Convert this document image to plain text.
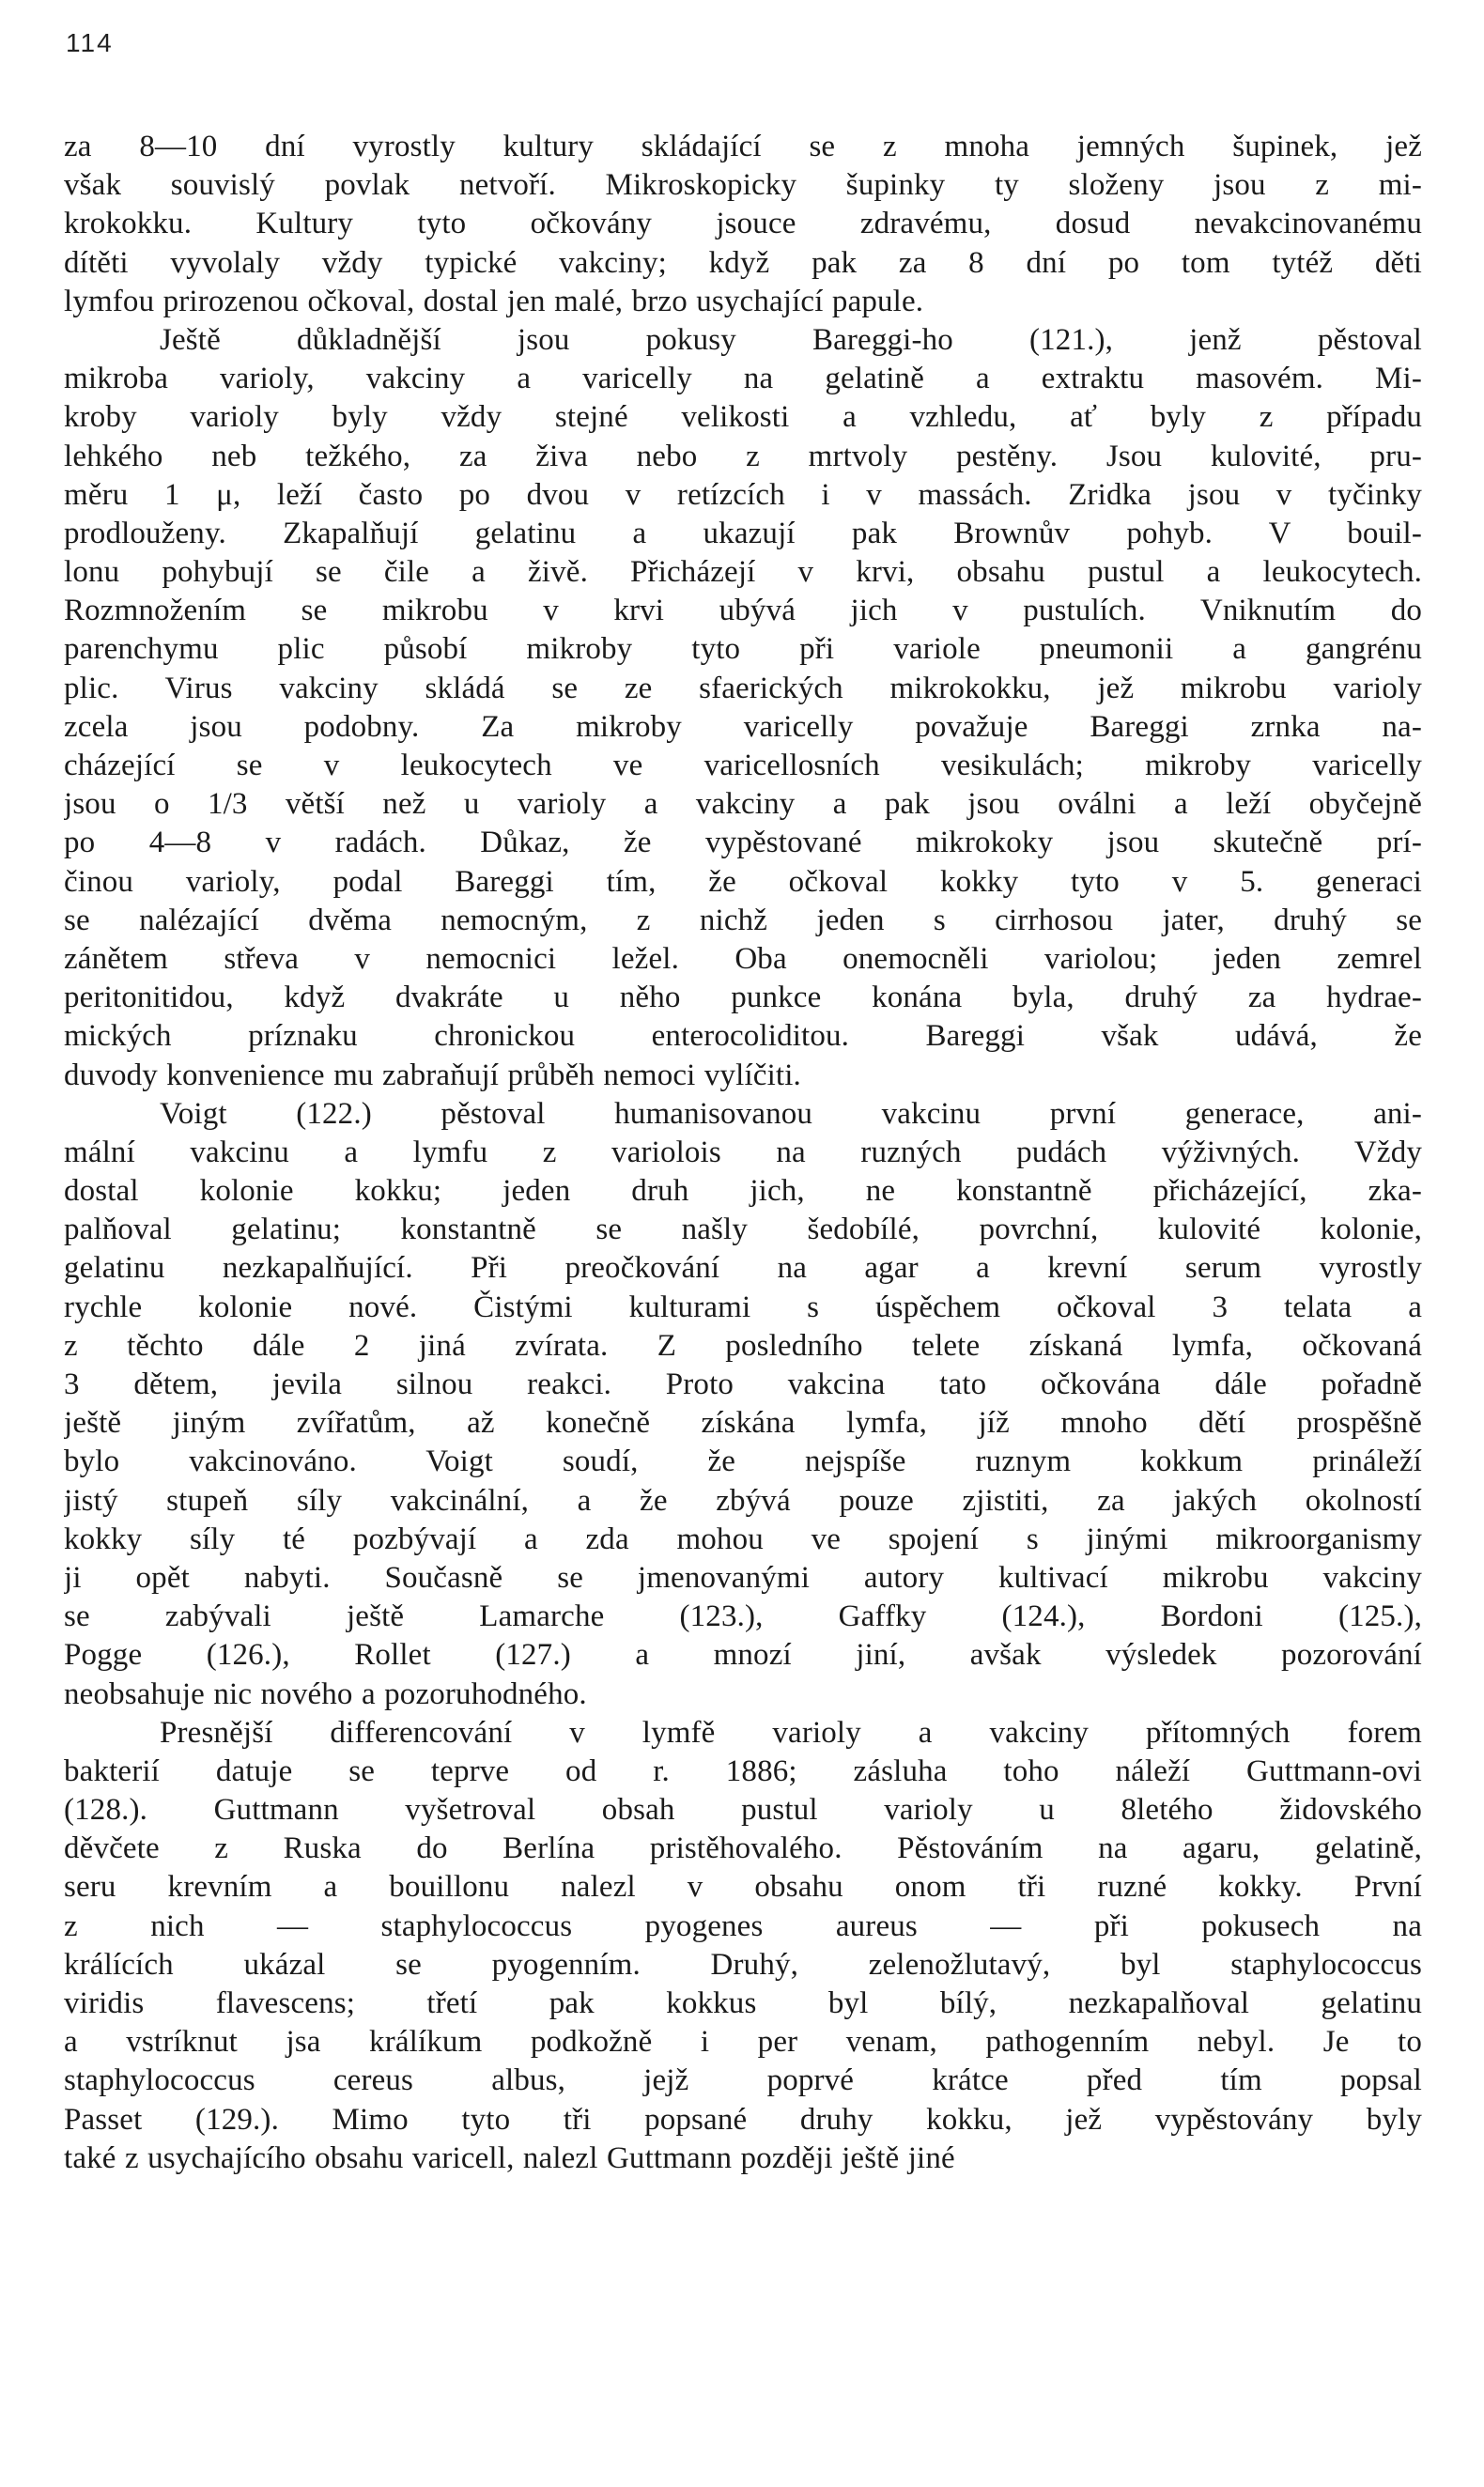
114
za 8—10 dní vyrostly kultury skládající se z mnoha jemných šupinek, jež
však souvislý povlak netvoří. Mikroskopicky šupinky ty složeny jsou z mi-
krokokku. Kultury tyto očkovány jsouce zdravému, dosud nevakcinovanému
dítěti vyvolaly vždy typické vakciny; když pak za 8 dní po tom tytéž děti
lymfou prirozenou očkoval, dostal jen malé, brzo usychající papule.
Ještě důkladnější jsou pokusy Bareggi-ho (121.), jenž pěstoval
mikroba varioly, vakciny a varicelly na gelatině a extraktu masovém. Mi-
kroby varioly byly vždy stejné velikosti a vzhledu, ať byly z případu
lehkého neb težkého, za živa nebo z mrtvoly pestěny. Jsou kulovité, pru-
měru 1 μ, leží často po dvou v retízcích i v massách. Zridka jsou v tyčinky
prodlouženy. Zkapalňují gelatinu a ukazují pak Brownův pohyb. V bouil-
lonu pohybují se čile a živě. Přicházejí v krvi, obsahu pustul a leukocytech.
Rozmnožením se mikrobu v krvi ubývá jich v pustulích. Vniknutím do
parenchymu plic působí mikroby tyto při variole pneumonii a gangrénu
plic. Virus vakciny skládá se ze sfaerických mikrokokku, jež mikrobu varioly
zcela jsou podobny. Za mikroby varicelly považuje Bareggi zrnka na-
cházející se v leukocytech ve varicellosních vesikulách; mikroby varicelly
jsou o 1/3 větší než u varioly a vakciny a pak jsou oválni a leží obyčejně
po 4—8 v radách. Důkaz, že vypěstované mikrokoky jsou skutečně prí-
činou varioly, podal Bareggi tím, že očkoval kokky tyto v 5. generaci
se nalézající dvěma nemocným, z nichž jeden s cirrhosou jater, druhý se
zánětem střeva v nemocnici ležel. Oba onemocněli variolou; jeden zemrel
peritonitidou, když dvakráte u něho punkce konána byla, druhý za hydrae-
mických príznaku chronickou enterocoliditou. Bareggi však udává, že
duvody konvenience mu zabraňují průběh nemoci vylíčiti.
Voigt (122.) pěstoval humanisovanou vakcinu první generace, ani-
mální vakcinu a lymfu z variolois na ruzných pudách výživných. Vždy
dostal kolonie kokku; jeden druh jich, ne konstantně přicházející, zka-
palňoval gelatinu; konstantně se našly šedobílé, povrchní, kulovité kolonie,
gelatinu nezkapalňující. Při preočkování na agar a krevní serum vyrostly
rychle kolonie nové. Čistými kulturami s úspěchem očkoval 3 telata a
z těchto dále 2 jiná zvírata. Z posledního telete získaná lymfa, očkovaná
3 dětem, jevila silnou reakci. Proto vakcina tato očkována dále pořadně
ještě jiným zvířatům, až konečně získána lymfa, jíž mnoho dětí prospěšně
bylo vakcinováno. Voigt soudí, že nejspíše ruznym kokkum prináleží
jistý stupeň síly vakcinální, a že zbývá pouze zjistiti, za jakých okolností
kokky síly té pozbývají a zda mohou ve spojení s jinými mikroorganismy
ji opět nabyti. Současně se jmenovanými autory kultivací mikrobu vakciny
se zabývali ještě Lamarche (123.), Gaffky (124.), Bordoni (125.),
Pogge (126.), Rollet (127.) a mnozí jiní, avšak výsledek pozorování
neobsahuje nic nového a pozoruhodného.
Presnější differencování v lymfě varioly a vakciny přítomných forem
bakterií datuje se teprve od r. 1886; zásluha toho náleží Guttmann-ovi
(128.). Guttmann vyšetroval obsah pustul varioly u 8letého židovského
děvčete z Ruska do Berlína pristěhovalého. Pěstováním na agaru, gelatině,
seru krevním a bouillonu nalezl v obsahu onom tři ruzné kokky. První
z nich — staphylococcus pyogenes aureus — při pokusech na
králících ukázal se pyogenním. Druhý, zelenožlutavý, byl staphylococcus
viridis flavescens; třetí pak kokkus byl bílý, nezkapalňoval gelatinu
a vstríknut jsa králíkum podkožně i per venam, pathogenním nebyl. Je to
staphylococcus cereus albus, jejž poprvé krátce před tím popsal
Passet (129.). Mimo tyto tři popsané druhy kokku, jež vypěstovány byly
také z usychajícího obsahu varicell, nalezl Guttmann později ještě jiné
